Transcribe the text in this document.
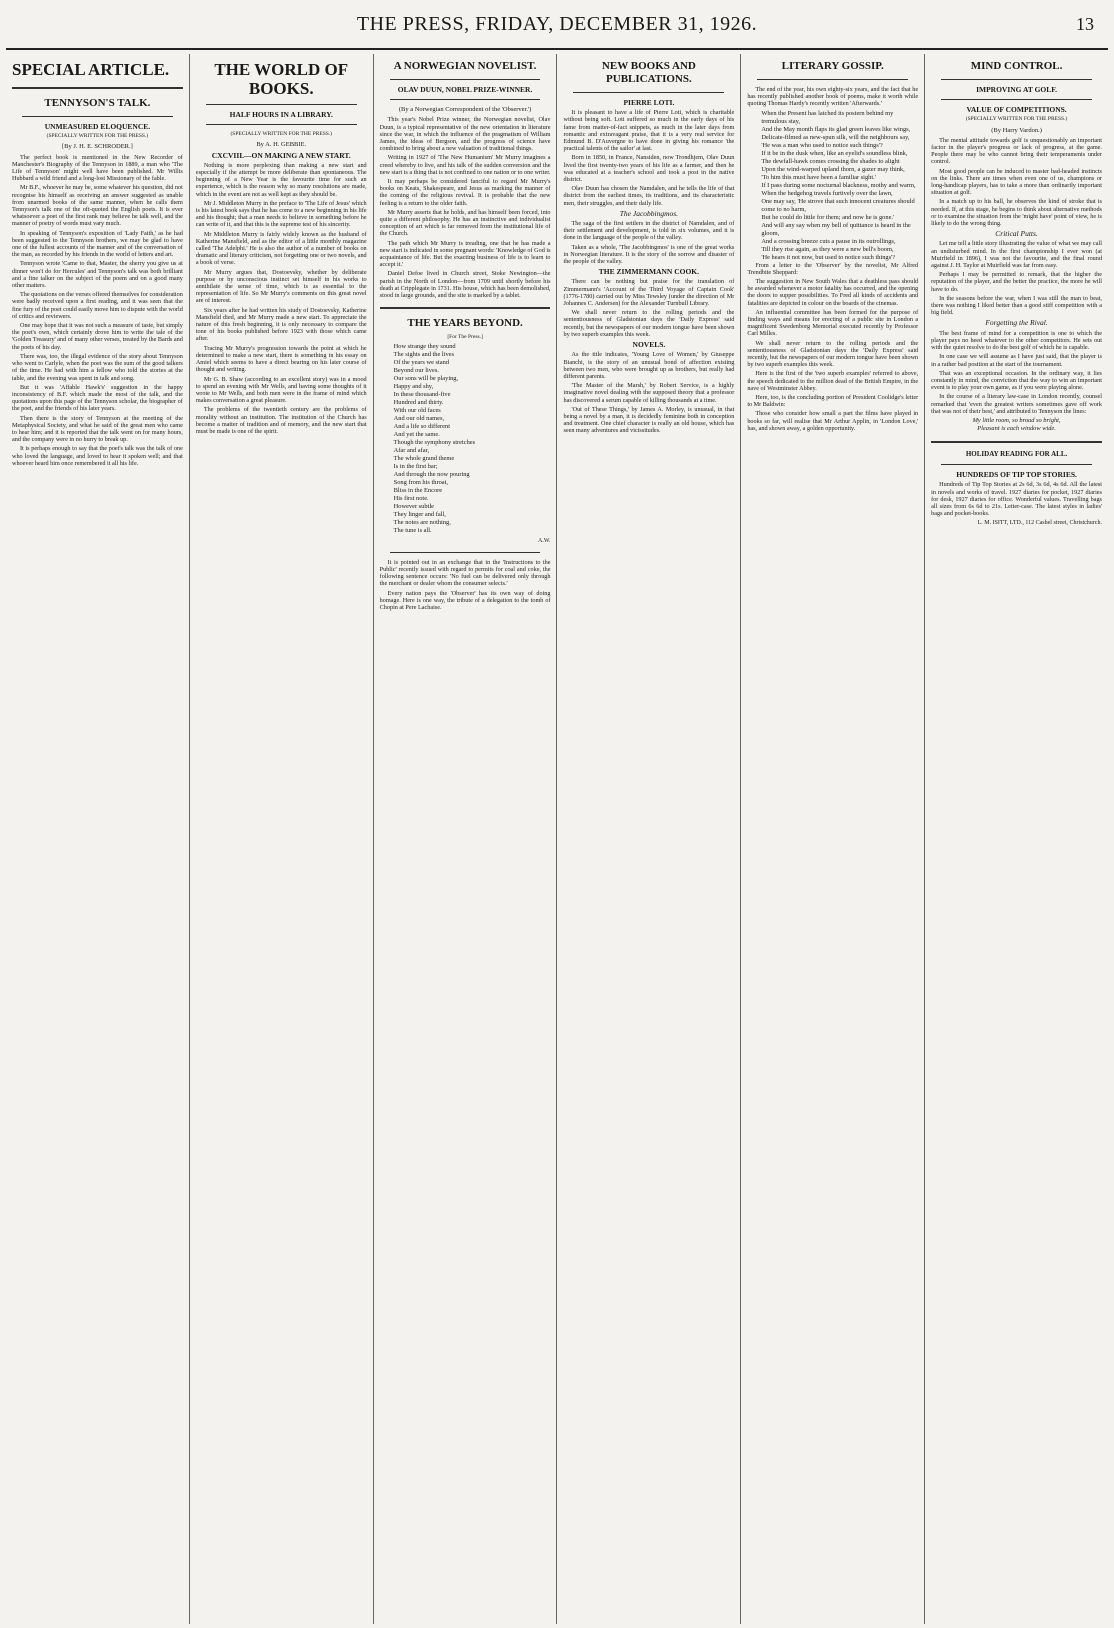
THE PRESS, FRIDAY, DECEMBER 31, 1926.	13
SPECIAL ARTICLE.
TENNYSON'S TALK.
UNMEASURED ELOQUENCE.
(SPECIALLY WRITTEN FOR THE PRESS.)
[By J. H. E. SCHRODER.]

The perfect book is mentioned in the New Recorder of Manchester's Biography of the Tennyson in 1889, a man who 'The Life of Tennyson' might well have been published. Mr Willis Hubbard a wild friend and a long-lost Missionary of the fable.

Mr B.F., whoever he may be, some whatever his question, did not recognise his himself as receiving an answer suggested as unable from unarmed books of the same manner, when he calls them Tennyson's talk one of the oft-quoted the English poets. It is ever whatsoever a poet of the first rank may believe he talk well, and the manner of poetry of words must vary much.

In speaking of Tennyson's exposition of 'Lady Faith,' as he had been suggested to the Tennyson brothers, we may be glad to have one of the fullest accounts of the manner and of the conversation of the man, as recorded by his friends in the world of letters and art.

Tennyson wrote 'Came to that, Master, the sherry you give us at dinner won't do for Hercules' and Tennyson's talk was both brilliant and a fine talker on the subject of the poem and on a good many other matters.

The quotations on the verses offered themselves for consideration were badly received upon a first reading, and it was seen that the fine fury of the poet could easily move him to dispute with the world of critics and reviewers.

One may hope that it was not such a measure of taste, but simply the poet's own, which certainly drove him to write the tale of the 'Golden Treasury' and of many other verses, treated by the Bards and the poets of his day.

There was, too, the illegal evidence of the story about Tennyson who went to Carlyle, when the poet was the sum of the good talkers of the time. He had with him a fellow who told the stories at the table, and the evening was spent in talk and song.

But it was 'Affable Hawk's' suggestion in the happy inconsistency of B.F. which made the most of the talk, and the quotations upon this page of the Tennyson scholar, the biographer of the poet, and the friends of his later years.

Then there is the story of Tennyson at the meeting of the Metaphysical Society, and what he said of the great men who came to hear him; and it is reported that the talk went on for many hours, and the company were in no hurry to break up.

It is perhaps enough to say that the poet's talk was the talk of one who loved the language, and loved to hear it spoken well; and that whoever heard him once remembered it all his life.

THE WORLD OF BOOKS.
HALF HOURS IN A LIBRARY.
(SPECIALLY WRITTEN FOR THE PRESS.)
By A. H. GEBBIE.
CXCVIII.—ON MAKING A NEW START.

Nothing is more perplexing than making a new start and especially if the attempt be more deliberate than spontaneous. The beginning of a New Year is the favourite time for such an experience, which is the reason why so many resolutions are made, which in the event are not as well kept as they should be.

Mr J. Middleton Murry in the preface to 'The Life of Jesus' which is his latest book says that he has come to a new beginning in his life and his thought; that a man needs to believe in something before he can write of it, and that this is the supreme test of his sincerity.

Mr Middleton Murry is fairly widely known as the husband of Katherine Mansfield, and as the editor of a little monthly magazine called 'The Adelphi.' He is also the author of a number of books on dramatic and literary criticism, not forgetting one or two novels, and a book of verse.

Mr Murry argues that, Dostoevsky, whether by deliberate purpose or by unconscious instinct set himself in his works to annihilate the sense of time, which is as essential to the representation of life. So Mr Murry's comments on this great novel are of interest.

Six years after he had written his study of Dostoevsky, Katherine Mansfield died, and Mr Murry made a new start. To appreciate the nature of this fresh beginning, it is only necessary to compare the tone of his books published before 1923 with those which came after.

Tracing Mr Murry's progression towards the point at which he determined to make a new start, there is something in his essay on Amiel which seems to have a direct bearing on his later course of thought and writing.

Mr G. B. Shaw (according to an excellent story) was in a mood to spend an evening with Mr Wells, and having some thoughts of it wrote to Mr Wells, and both men were in the frame of mind which makes conversation a great pleasure.

The problems of the twentieth century are the problems of morality without an institution. The institution of the Church has become a matter of tradition and of memory, and the new start that must be made is one of the spirit.

A NORWEGIAN NOVELIST.
OLAV DUUN, NOBEL PRIZE-WINNER.
(By a Norwegian Correspondent of the 'Observer.')

This year's Nobel Prize winner, the Norwegian novelist, Olav Duun, is a typical representative of the new orientation in literature since the war, in which the influence of the pragmatism of William James, the ideas of Bergson, and the progress of science have combined to bring about a new valuation of traditional things.

Writing in 1927 of 'The New Humanism' Mr Murry imagines a creed whereby to live, and his talk of the sudden conversion and the new start is a thing that is not confined to one nation or to one writer.

It may perhaps be considered fanciful to regard Mr Murry's books on Keats, Shakespeare, and Jesus as marking the manner of the coming of the religious revival. It is probable that the new feeling is a return to the older faith.

Mr Murry asserts that he holds, and has himself been forced, into quite a different philosophy. He has an instinctive and individualist conception of art which is far removed from the institutional life of the Church.

The path which Mr Murry is treading, one that he has made a new start is indicated in some pregnant words: 'Knowledge of God is acquaintance of life. But the exacting business of life is to learn to accept it.'

Daniel Defoe lived in Church street, Stoke Newington—the parish in the North of London—from 1709 until shortly before his death at Cripplegate in 1731. His house, which has been demolished, stood in large grounds, and the site is marked by a tablet.

THE YEARS BEYOND.
[For The Press.]
How strange they sound
The sights and the lives
Of the years we stand
Beyond our lives.
Our sons will be playing,
Happy and shy,
In these thousand-five
Hundred and thirty.
With our old faces
And our old names,
And a life so different
And yet the same.
Though the symphony stretches
Afar and afar,
The whole grand theme
Is in the first bar;
And through the now pouring
Song from his throat,
Bliss in the Encore
His first note.
However subtle
They linger and fall,
The notes are nothing,
The tune is all.
A.W.

It is pointed out in an exchange that in the 'Instructions to the Public' recently issued with regard to permits for coal and coke, the following sentence occurs: 'No fuel can be delivered only through the merchant or dealer whom the consumer selects.'

Every nation pays the 'Observer' has its own way of doing homage. Here is one way, the tribute of a delegation to the tomb of Chopin at Pere Lachaise.

NEW BOOKS AND PUBLICATIONS.
PIERRE LOTI.

It is pleasant to have a life of Pierre Loti, which is charitable without being soft. Loti suffered so much in the early days of his fame from matter-of-fact snippets, as much in the later days from romantic and extravagant praise, that it is a very real service for Edmund B. D'Auvergne to have done in giving his romance 'the practical talents of the sailor' at last.

Born in 1850, in France, Nansiden, now Trondhjem, Olav Duun lived the first twenty-two years of his life as a farmer, and then he was educated at a teacher's school and took a post in the native district.

Olav Duun has chosen the Namdalen, and he tells the life of that district from the earliest times, its traditions, and its characteristic men, their struggles, and their daily life.

The Jacobbingmos.

The saga of the first settlers in the district of Namdalen, and of their settlement and development, is told in six volumes, and it is done in the language of the people of the valley.

Taken as a whole, 'The Jacobbingmos' is one of the great works in Norwegian literature. It is the story of the sorrow and disaster of the people of the valley.

THE ZIMMERMANN COOK.

There can be nothing but praise for the translation of Zimmermann's 'Account of the Third Voyage of Captain Cook' (1776-1780) carried out by Miss Tewsley (under the direction of Mr Johannes C. Andersen) for the Alexander Turnbull Library.

We shall never return to the rolling periods and the sententiousness of Gladstonian days the 'Daily Express' said recently, but the newspapers of our modern tongue have been shown by two superb examples this week.

NOVELS.

As the title indicates, 'Young Love of Women,' by Giuseppe Bianchi, is the story of an unusual bond of affection existing between two men, who were brought up as brothers, but really had different parents.

'The Master of the Marsh,' by Robert Service, is a highly imaginative novel dealing with the supposed theory that a professor has discovered a serum capable of killing thousands at a time.

'Out of These Things,' by James A. Morley, is unusual, in that being a novel by a man, it is decidedly feminine both in conception and treatment. One chief character is really an old house, which has seen many adventures and vicissitudes.

LITERARY GOSSIP.

The end of the year, his own eighty-six years, and the fact that he has recently published another book of poems, make it worth while quoting Thomas Hardy's recently written 'Afterwards.'

When the Present has latched its postern behind my tremulous stay,
And the May month flaps its glad green leaves like wings,
Delicate-filmed as new-spun silk, will the neighbours say,
'He was a man who used to notice such things'?
If it be in the dusk when, like an eyelid's soundless blink,
The dewfall-hawk comes crossing the shades to alight
Upon the wind-warped upland thorn, a gazer may think,
'To him this must have been a familiar sight.'
If I pass during some nocturnal blackness, mothy and warm,
When the hedgehog travels furtively over the lawn,
One may say, 'He strove that such innocent creatures should come to no harm,
But he could do little for them; and now he is gone.'
And will any say when my bell of quittance is heard in the gloom,
And a crossing breeze cuts a pause in its outrollings,
Till they rise again, as they were a new bell's boom,
'He hears it not now, but used to notice such things'?

From a letter to the 'Observer' by the novelist, Mr Alfred Trendbite Sheppard:

The suggestion in New South Wales that a deathless pass should be awarded whenever a motor fatality has occurred, and the opening the doors to supper possibilities. To Fred all kinds of accidents and fatalities are depicted in colour on the boards of the cinemas.

An influential committee has been formed for the purpose of finding ways and means for erecting of a public site in London a magnificent Swedenborg Memorial executed recently by Professor Carl Milles.

We shall never return to the rolling periods and the sententiousness of Gladstonian days the 'Daily Express' said recently, but the newspapers of our modern tongue have been shown by two superb examples this week.

Here is the first of the 'two superb examples' referred to above, the speech dedicated to the million dead of the British Empire, in the nave of Westminster Abbey.

Here, too, is the concluding portion of President Coolidge's letter to Mr Baldwin:

Those who consider how small a part the films have played in books so far, will realise that Mr Arthur Applin, in 'London Love,' has, and shown away, a golden opportunity.

MIND CONTROL.
IMPROVING AT GOLF.
VALUE OF COMPETITIONS.
(SPECIALLY WRITTEN FOR THE PRESS.)
(By Harry Vardon.)

The mental attitude towards golf is unquestionably an important factor in the player's progress or lack of progress, at the game. People there may be who cannot bring their temperaments under control.

Most good people can be induced to master bad-headed instincts on the links. There are times when even one of us, champions or long-handicap players, has to take a more than ordinarily important situation at golf.

In a match up to his ball, he observes the kind of stroke that is needed. If, at this stage, he begins to think about alternative methods or to examine the situation from the 'might have' point of view, he is likely to do the wrong thing.

Critical Putts.

Let me tell a little story illustrating the value of what we may call an undisturbed mind. In the first championship I ever won (at Muirfield in 1896), I was not the favourite, and the final round against J. H. Taylor at Muirfield was far from easy.

Perhaps I may be permitted to remark, that the higher the reputation of the player, and the better the practice, the more he will have to do.

In the seasons before the war, when I was still the man to beat, there was nothing I liked better than a good stiff competition with a big field.

Forgetting the Rival.

The best frame of mind for a competition is one to which the player pays no heed whatever to the other competitors. He sets out with the quiet resolve to do the best golf of which he is capable.

In one case we will assume as I have just said, that the player is in a rather bad position at the start of the tournament.

That was an exceptional occasion. In the ordinary way, it lies constantly in mind, the conviction that the way to win an important event is to play your own game, as if you were playing alone.

In the course of a literary law-case in London recently, counsel remarked that 'even the greatest writers sometimes gave off work that was not of their best,' and attributed to Tennyson the lines:

My little room, so broad so bright,
Pleasant is each window wide.
HOLIDAY READING FOR ALL.
HUNDREDS OF TIP TOP STORIES.

Hundreds of Tip Top Stories at 2s 6d, 3s 6d, 4s 6d. All the latest in novels and works of travel. 1927 diaries for pocket, 1927 diaries for desk, 1927 diaries for office. Wonderful values. Travelling bags all sizes from 6s 6d to 21s. Letter-case. The latest styles in ladies' bags and pocket-books.

L. M. ISITT, LTD., 112 Cashel street, Christchurch.
